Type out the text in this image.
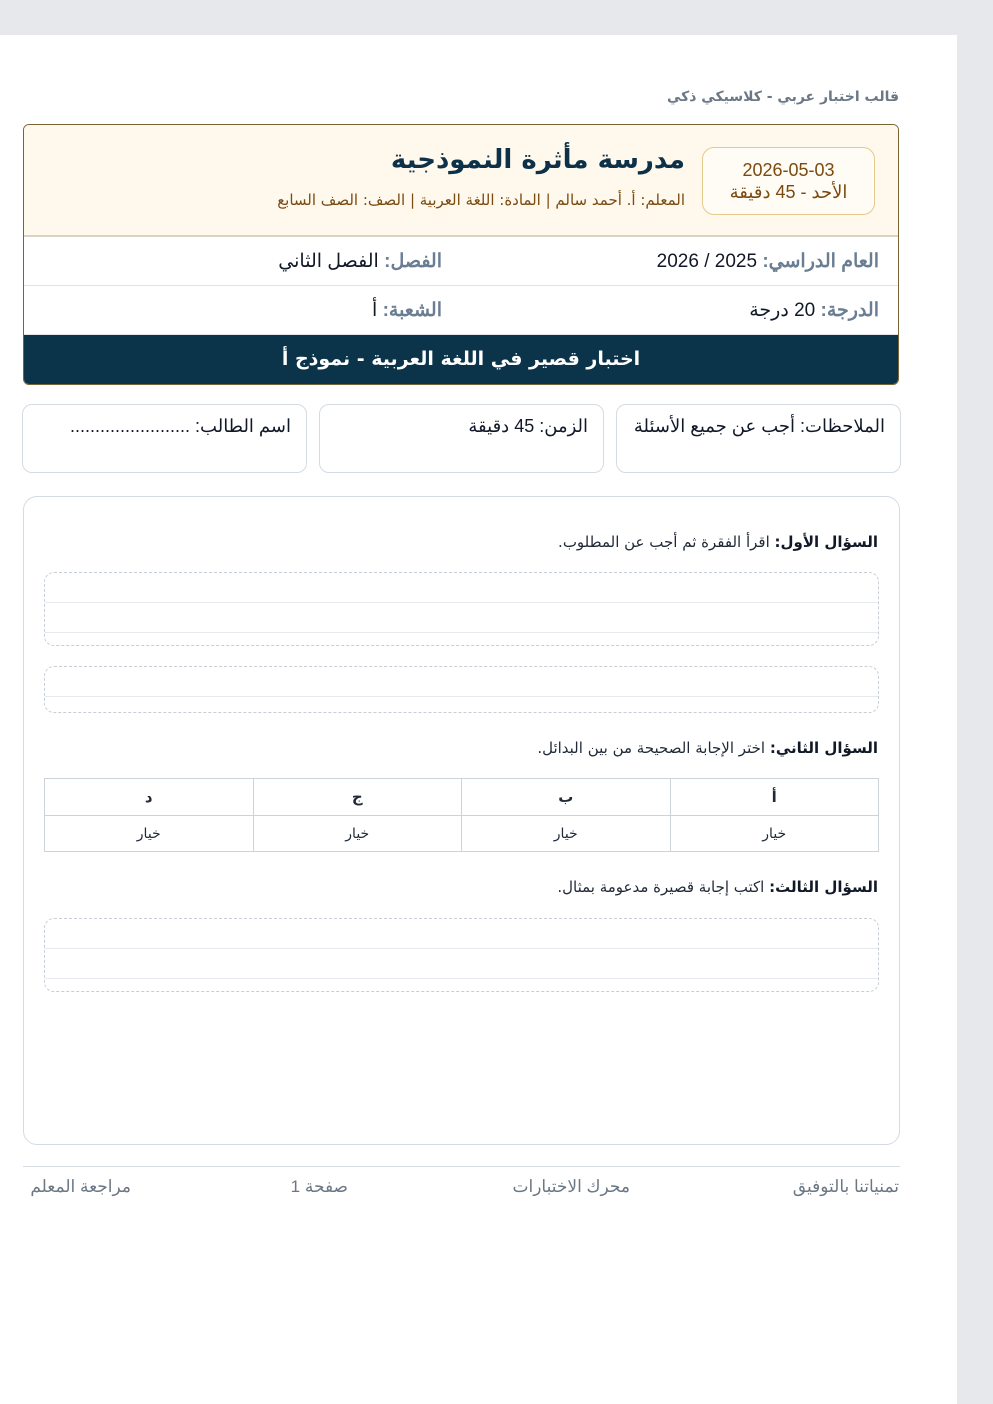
قالب اختبار عربي - كلاسيكي ذكي
مدرسة مأثرة النموذجية
المعلم: أ. أحمد سالم | المادة: اللغة العربية | الصف: الصف السابع
2026-05-03
الأحد - 45 دقيقة
العام الدراسي: 2025 / 2026
الفصل: الفصل الثاني
الدرجة: 20 درجة
الشعبة: أ
اختبار قصير في اللغة العربية - نموذج أ
الملاحظات: أجب عن جميع الأسئلة
الزمن: 45 دقيقة
اسم الطالب: ........................
السؤال الأول: اقرأ الفقرة ثم أجب عن المطلوب.
السؤال الثاني: اختر الإجابة الصحيحة من بين البدائل.
أ	ب	ج	د
خيار	خيار	خيار	خيار
السؤال الثالث: اكتب إجابة قصيرة مدعومة بمثال.
تمنياتنا بالتوفيق
محرك الاختبارات
صفحة 1
مراجعة المعلم
